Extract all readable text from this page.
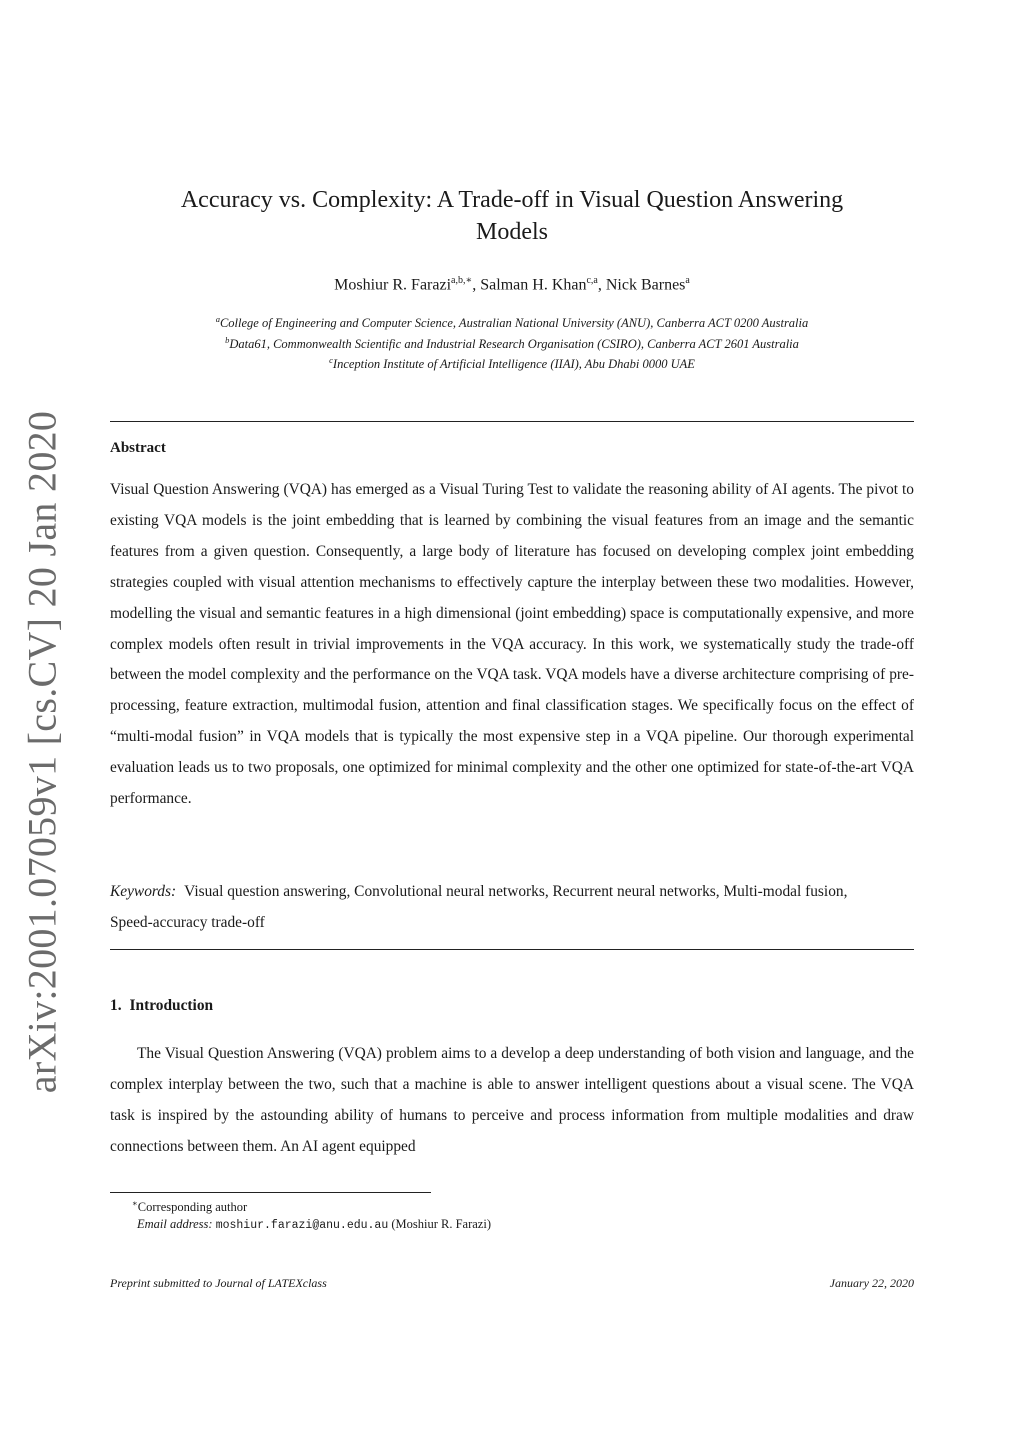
arXiv:2001.07059v1 [cs.CV] 20 Jan 2020
Accuracy vs. Complexity: A Trade-off in Visual Question Answering
Models
Moshiur R. Farazi$^{a,b,∗}$, Salman H. Khan$^{c,a}$, Nick Barnes$^a$
$^a$College of Engineering and Computer Science, Australian National University (ANU), Canberra ACT 0200 Australia
$^b$Data61, Commonwealth Scientific and Industrial Research Organisation (CSIRO), Canberra ACT 2601 Australia
$^c$Inception Institute of Artificial Intelligence (IIAI), Abu Dhabi 0000 UAE
Abstract
Visual Question Answering (VQA) has emerged as a Visual Turing Test to validate the reasoning ability of AI agents. The pivot to existing VQA models is the joint embedding that is learned by combining the visual features from an image and the semantic features from a given question. Consequently, a large body of literature has focused on developing complex joint embedding strategies coupled with visual attention mechanisms to effectively capture the interplay between these two modalities. However, modelling the visual and semantic features in a high dimensional (joint embedding) space is computationally expensive, and more complex models often result in trivial improvements in the VQA accuracy. In this work, we systematically study the trade-off between the model complexity and the performance on the VQA task. VQA models have a diverse architecture comprising of pre-processing, feature extraction, multimodal fusion, attention and final classification stages. We specifically focus on the effect of “multi-modal fusion” in VQA models that is typically the most expensive step in a VQA pipeline. Our thorough experimental evaluation leads us to two proposals, one optimized for minimal complexity and the other one optimized for state-of-the-art VQA performance.
Keywords: Visual question answering, Convolutional neural networks, Recurrent neural networks, Multi-modal fusion, Speed-accuracy trade-off
1. Introduction
The Visual Question Answering (VQA) problem aims to a develop a deep understanding of both vision and language, and the complex interplay between the two, such that a machine is able to answer intelligent questions about a visual scene. The VQA task is inspired by the astounding ability of humans to perceive and process information from multiple modalities and draw connections between them. An AI agent equipped
∗Corresponding author
Email address: moshiur.farazi@anu.edu.au (Moshiur R. Farazi)
Preprint submitted to Journal of LATEXclass	January 22, 2020
